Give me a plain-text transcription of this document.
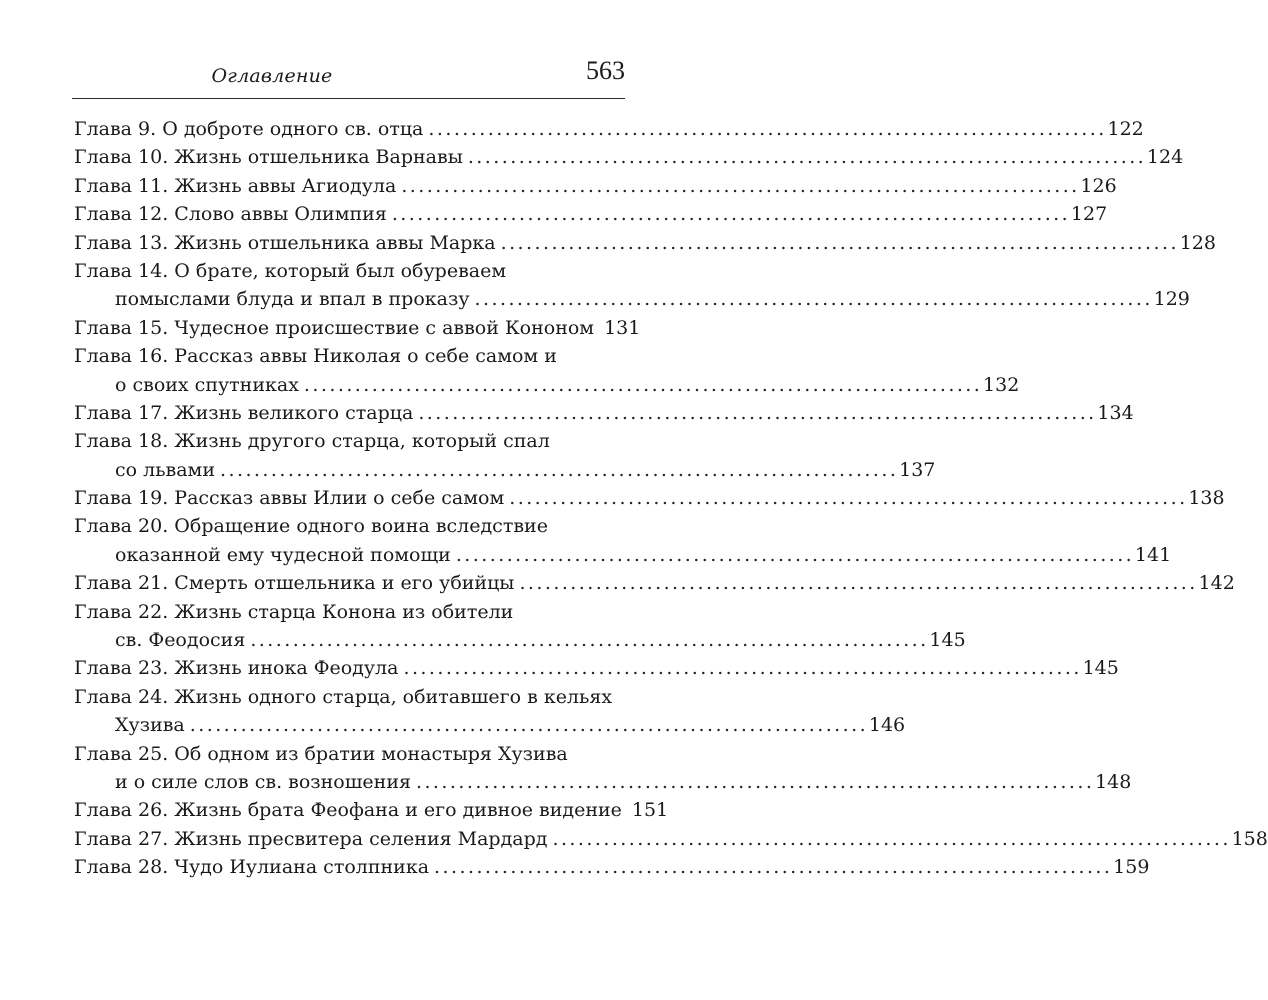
Оглавление	563
Глава 9. О доброте одного св. отца . . .	122
Глава 10. Жизнь отшельника Варнавы . . .	124
Глава 11. Жизнь аввы Агиодула . . .	126
Глава 12. Слово аввы Олимпия . . .	127
Глава 13. Жизнь отшельника аввы Марка . . .	128
Глава 14. О брате, который был обуреваем
помыслами блуда и впал в проказу . . .	129
Глава 15. Чудесное происшествие с аввой Кононом 131
Глава 16. Рассказ аввы Николая о себе самом и
о своих спутниках . . .	132
Глава 17. Жизнь великого старца . . .	134
Глава 18. Жизнь другого старца, который спал
со львами . . .	137
Глава 19. Рассказ аввы Илии о себе самом . . .	138
Глава 20. Обращение одного воина вследствие
оказанной ему чудесной помощи . . .	141
Глава 21. Смерть отшельника и его убийцы . . .	142
Глава 22. Жизнь старца Конона из обители
св. Феодосия . . .	145
Глава 23. Жизнь инока Феодула . . .	145
Глава 24. Жизнь одного старца, обитавшего в кельях
Хузива . . .	146
Глава 25. Об одном из братии монастыря Хузива
и о силе слов св. возношения . . .	148
Глава 26. Жизнь брата Феофана и его дивное видение 151
Глава 27. Жизнь пресвитера селения Мардард . . .	158
Глава 28. Чудо Иулиана столпника . . .	159
